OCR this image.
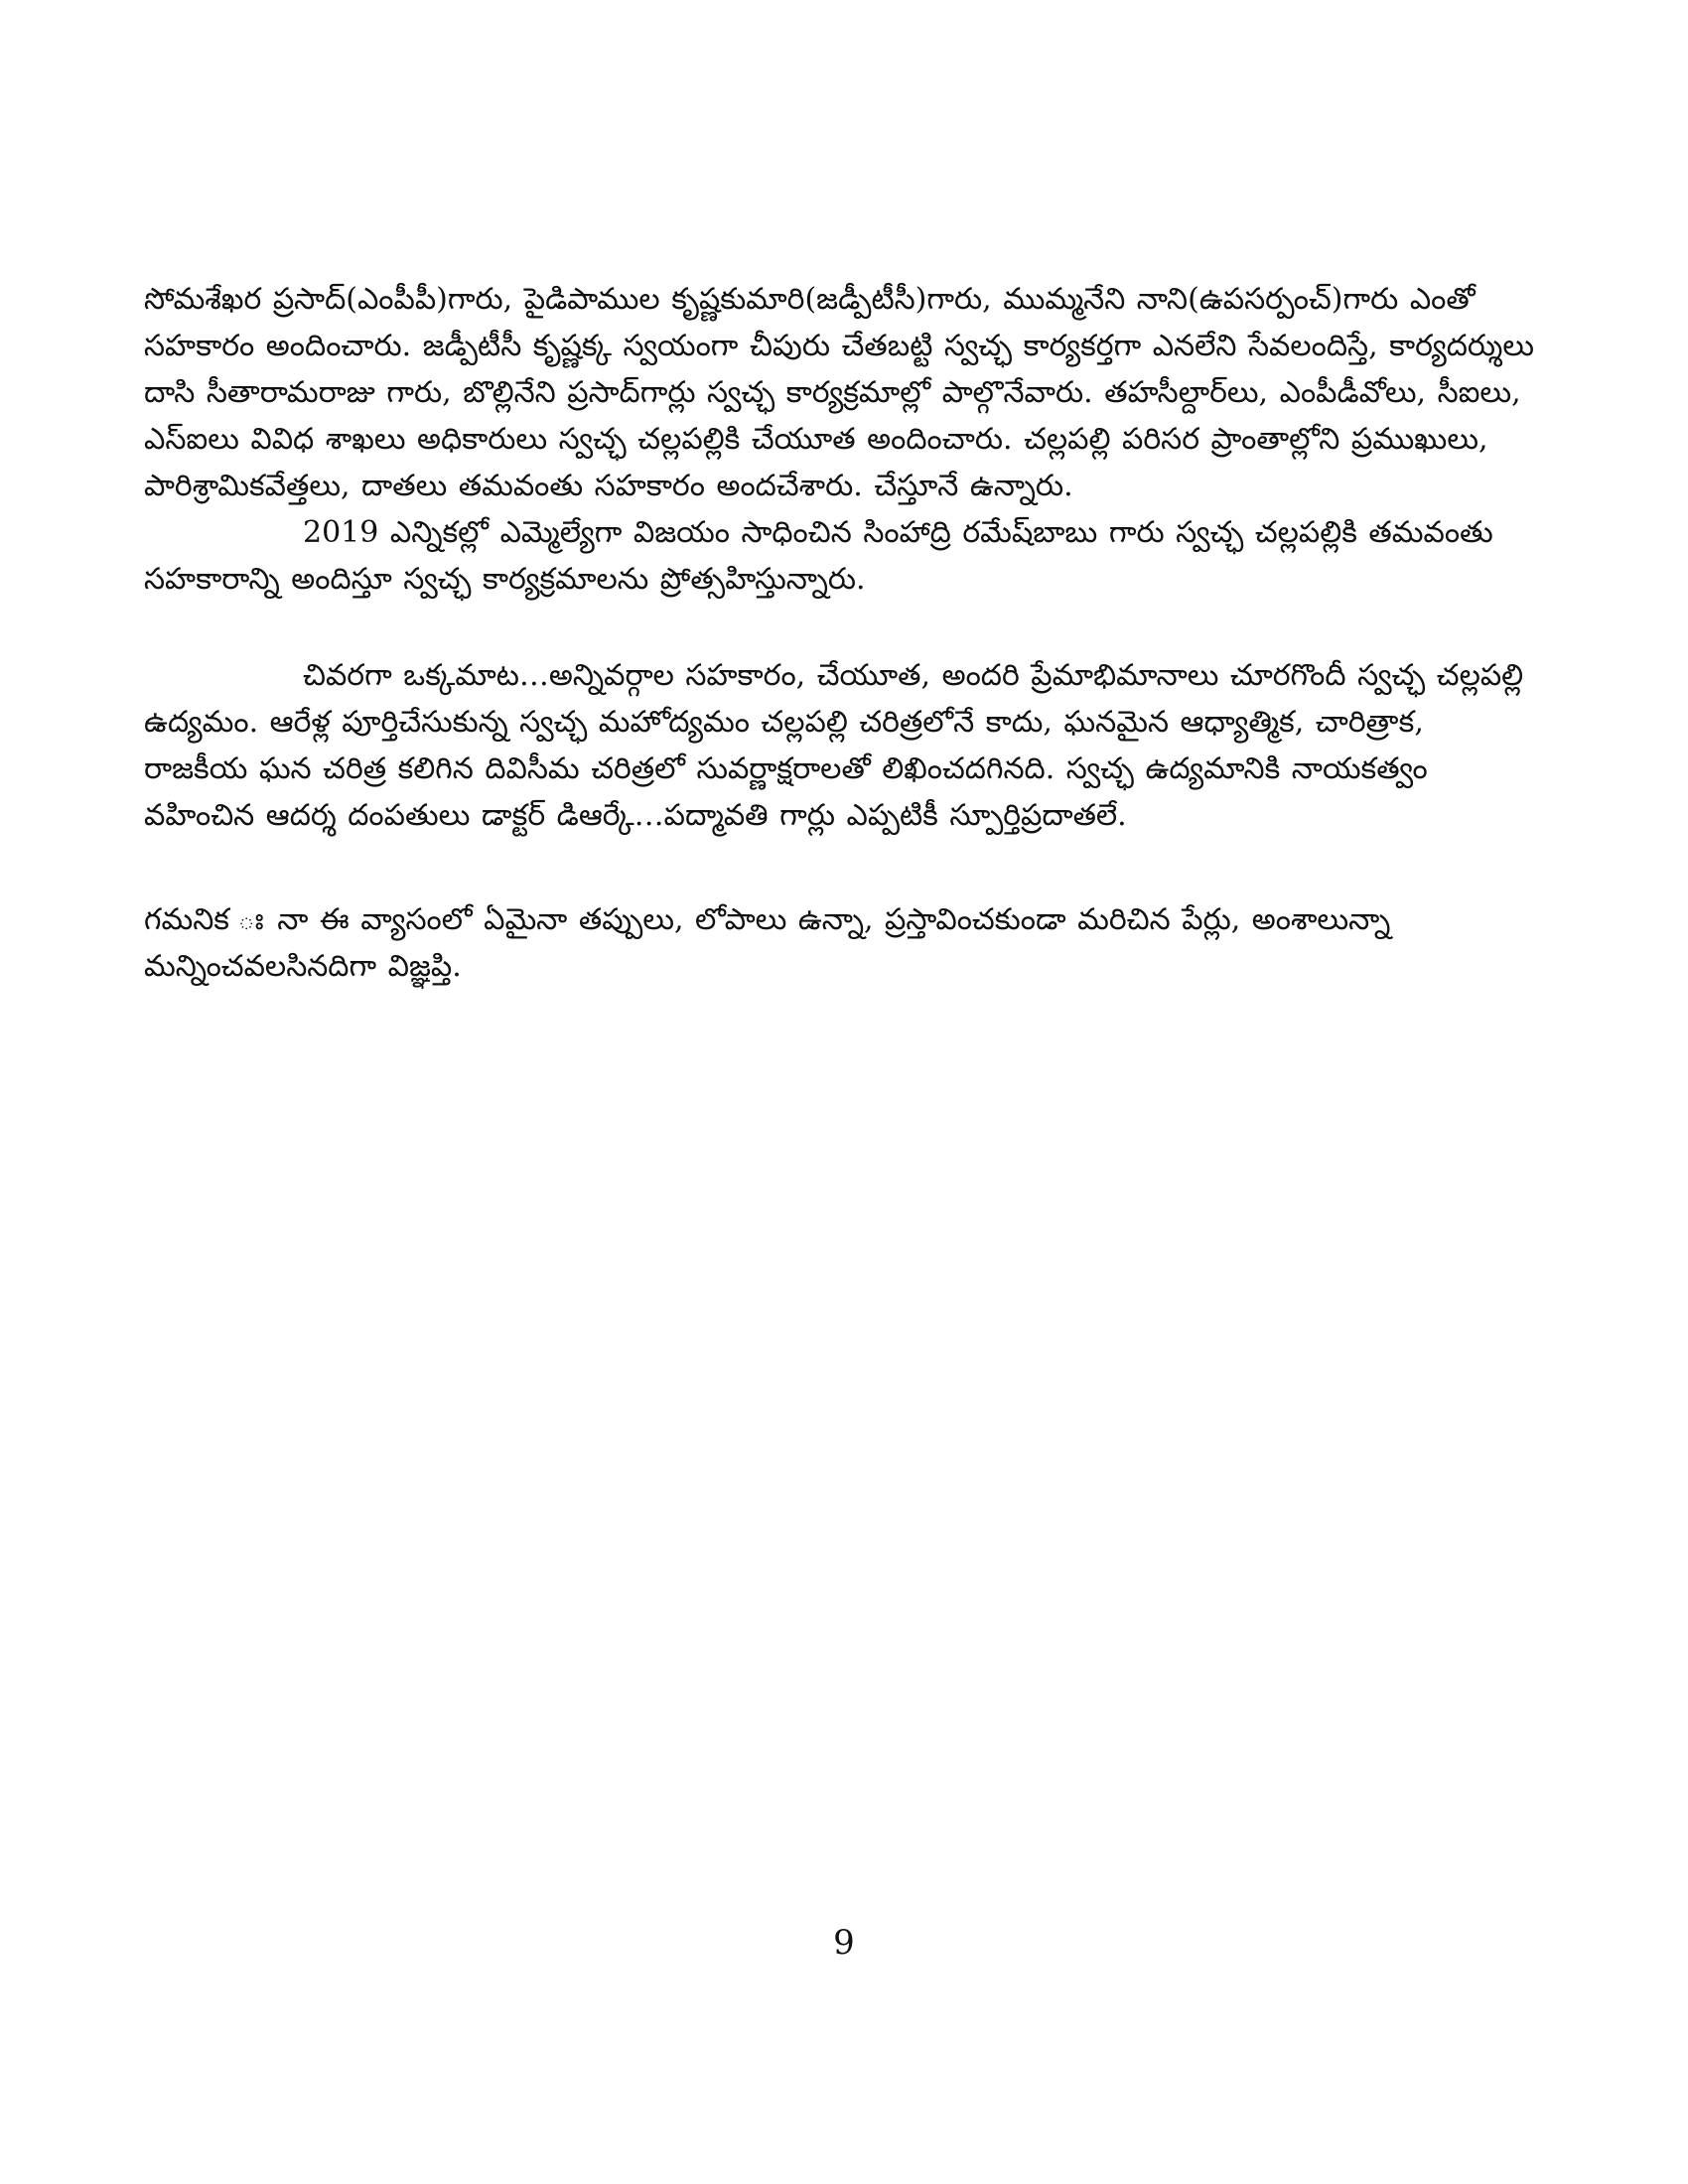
సోమశేఖర ప్రసాద్(ఎంపీపీ)గారు, పైడిపాముల కృష్ణకుమారి(జడ్పీటీసీ)గారు, ముమ్మనేని నాని(ఉపసర్పంచ్)గారు ఎంతో సహకారం అందించారు. జడ్పీటీసీ కృష్ణక్క స్వయంగా చీపురు చేతబట్టి స్వచ్ఛ కార్యకర్తగా ఎనలేని సేవలందిస్తే, కార్యదర్శులు దాసి సీతారామరాజు గారు, బొల్లినేని ప్రసాద్‌గార్లు స్వచ్ఛ కార్యక్రమాల్లో పాల్గొనేవారు. తహసీల్దార్‌లు, ఎంపీడీవోలు, సీఐలు, ఎస్ఐలు వివిధ శాఖలు అధికారులు స్వచ్ఛ చల్లపల్లికి చేయూత అందించారు. చల్లపల్లి పరిసర ప్రాంతాల్లోని ప్రముఖులు, పారిశ్రామికవేత్తలు, దాతలు తమవంతు సహకారం అందచేశారు. చేస్తూనే ఉన్నారు.

2019 ఎన్నికల్లో ఎమ్మెల్యేగా విజయం సాధించిన సింహాద్రి రమేష్‌బాబు గారు స్వచ్ఛ చల్లపల్లికి తమవంతు సహకారాన్ని అందిస్తూ స్వచ్ఛ కార్యక్రమాలను ప్రోత్సహిస్తున్నారు.

చివరగా ఒక్కమాట…అన్నివర్గాల సహకారం, చేయూత, అందరి ప్రేమాభిమానాలు చూరగొందీ స్వచ్ఛ చల్లపల్లి ఉద్యమం. ఆరేళ్ల పూర్తిచేసుకున్న స్వచ్ఛ మహోద్యమం చల్లపల్లి చరిత్రలోనే కాదు, ఘనమైన ఆధ్యాత్మిక, చారిత్రాక, రాజకీయ ఘన చరిత్ర కలిగిన దివిసీమ చరిత్రలో సువర్ణాక్షరాలతో లిఖించదగినది. స్వచ్ఛ ఉద్యమానికి నాయకత్వం వహించిన ఆదర్శ దంపతులు డాక్టర్ డిఆర్కే…పద్మావతి గార్లు ఎప్పటికీ స్పూర్తిప్రదాతలే.

గమనిక ః నా ఈ వ్యాసంలో ఏమైనా తప్పులు, లోపాలు ఉన్నా, ప్రస్తావించకుండా మరిచిన పేర్లు, అంశాలున్నా మన్నించవలసినదిగా విజ్ఞప్తి.

9
